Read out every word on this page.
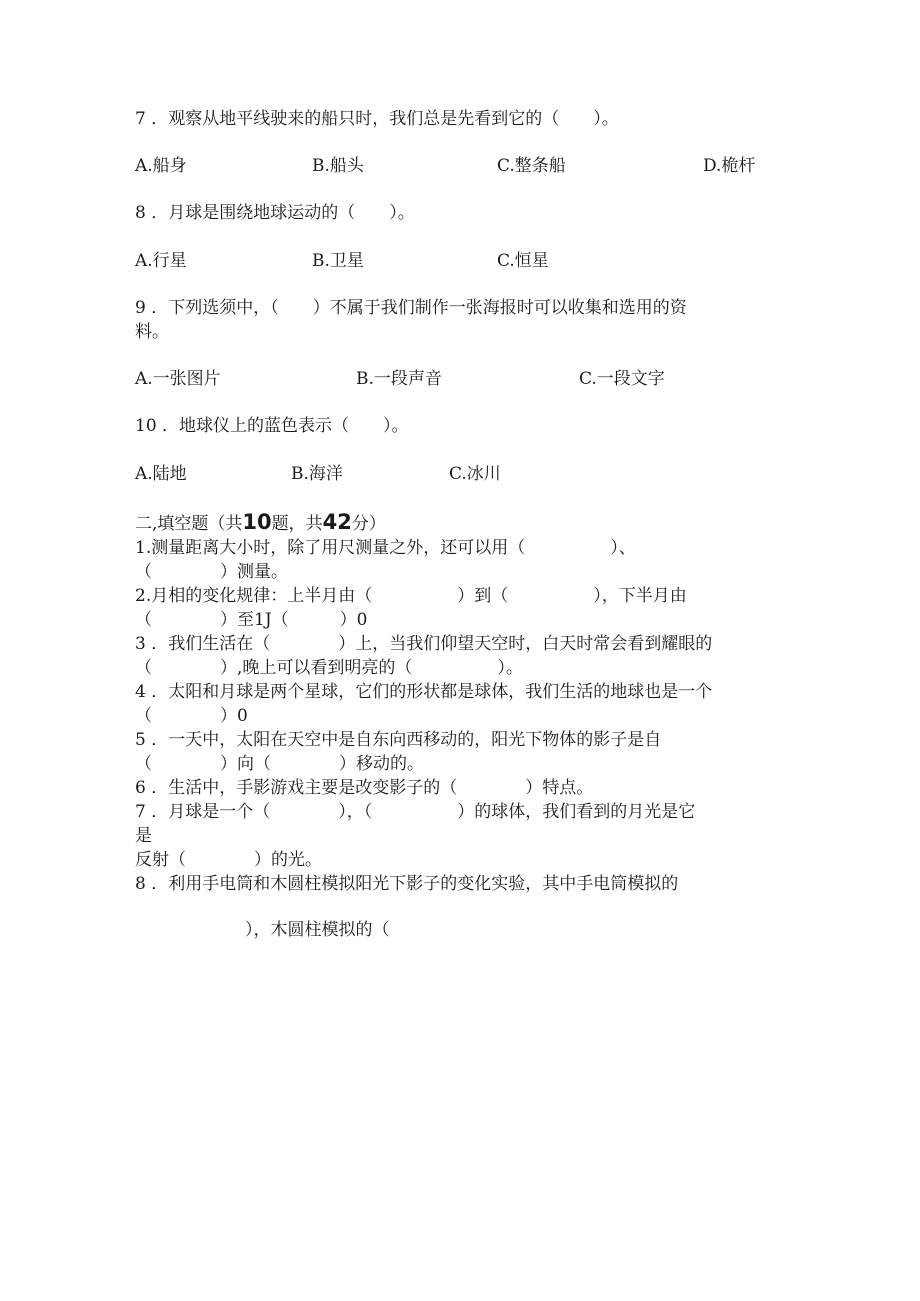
7 ．观察从地平线驶来的船只时，我们总是先看到它的（　　）。
A.船身	B.船头	C.整条船	D.桅杆
8 ．月球是围绕地球运动的（　　）。
A.行星	B.卫星	C.恒星
9 ．下列选须中，（　　）不属于我们制作一张海报时可以收集和选用的资
料。
A.一张图片	B.一段声音	C.一段文字
10 ．地球仪上的蓝色表示（　　）。
A.陆地	B.海洋	C.冰川
二,填空题（共10题，共42分）
1.测量距离大小时，除了用尺测量之外，还可以用（　　　　　）、
（　　　　）测量。
2.月相的变化规律：上半月由（　　　　　）到（　　　　　），下半月由
（　　　　）至1J（　　　）0
3 ．我们生活在（　　　　）上，当我们仰望天空时，白天时常会看到耀眼的
（　　　　）,晚上可以看到明亮的（　　　　　）。
4 ．太阳和月球是两个星球，它们的形状都是球体，我们生活的地球也是一个
（　　　　）0
5 ．一天中，太阳在天空中是自东向西移动的，阳光下物体的影子是自
（　　　　）向（　　　　）移动的。
6 ．生活中，手影游戏主要是改变影子的（　　　　）特点。
7 ．月球是一个（　　　　），（　　　　　）的球体，我们看到的月光是它
是
反射（　　　　）的光。
8 ．利用手电筒和木圆柱模拟阳光下影子的变化实验，其中手电筒模拟的
　　　　　），木圆柱模拟的（
